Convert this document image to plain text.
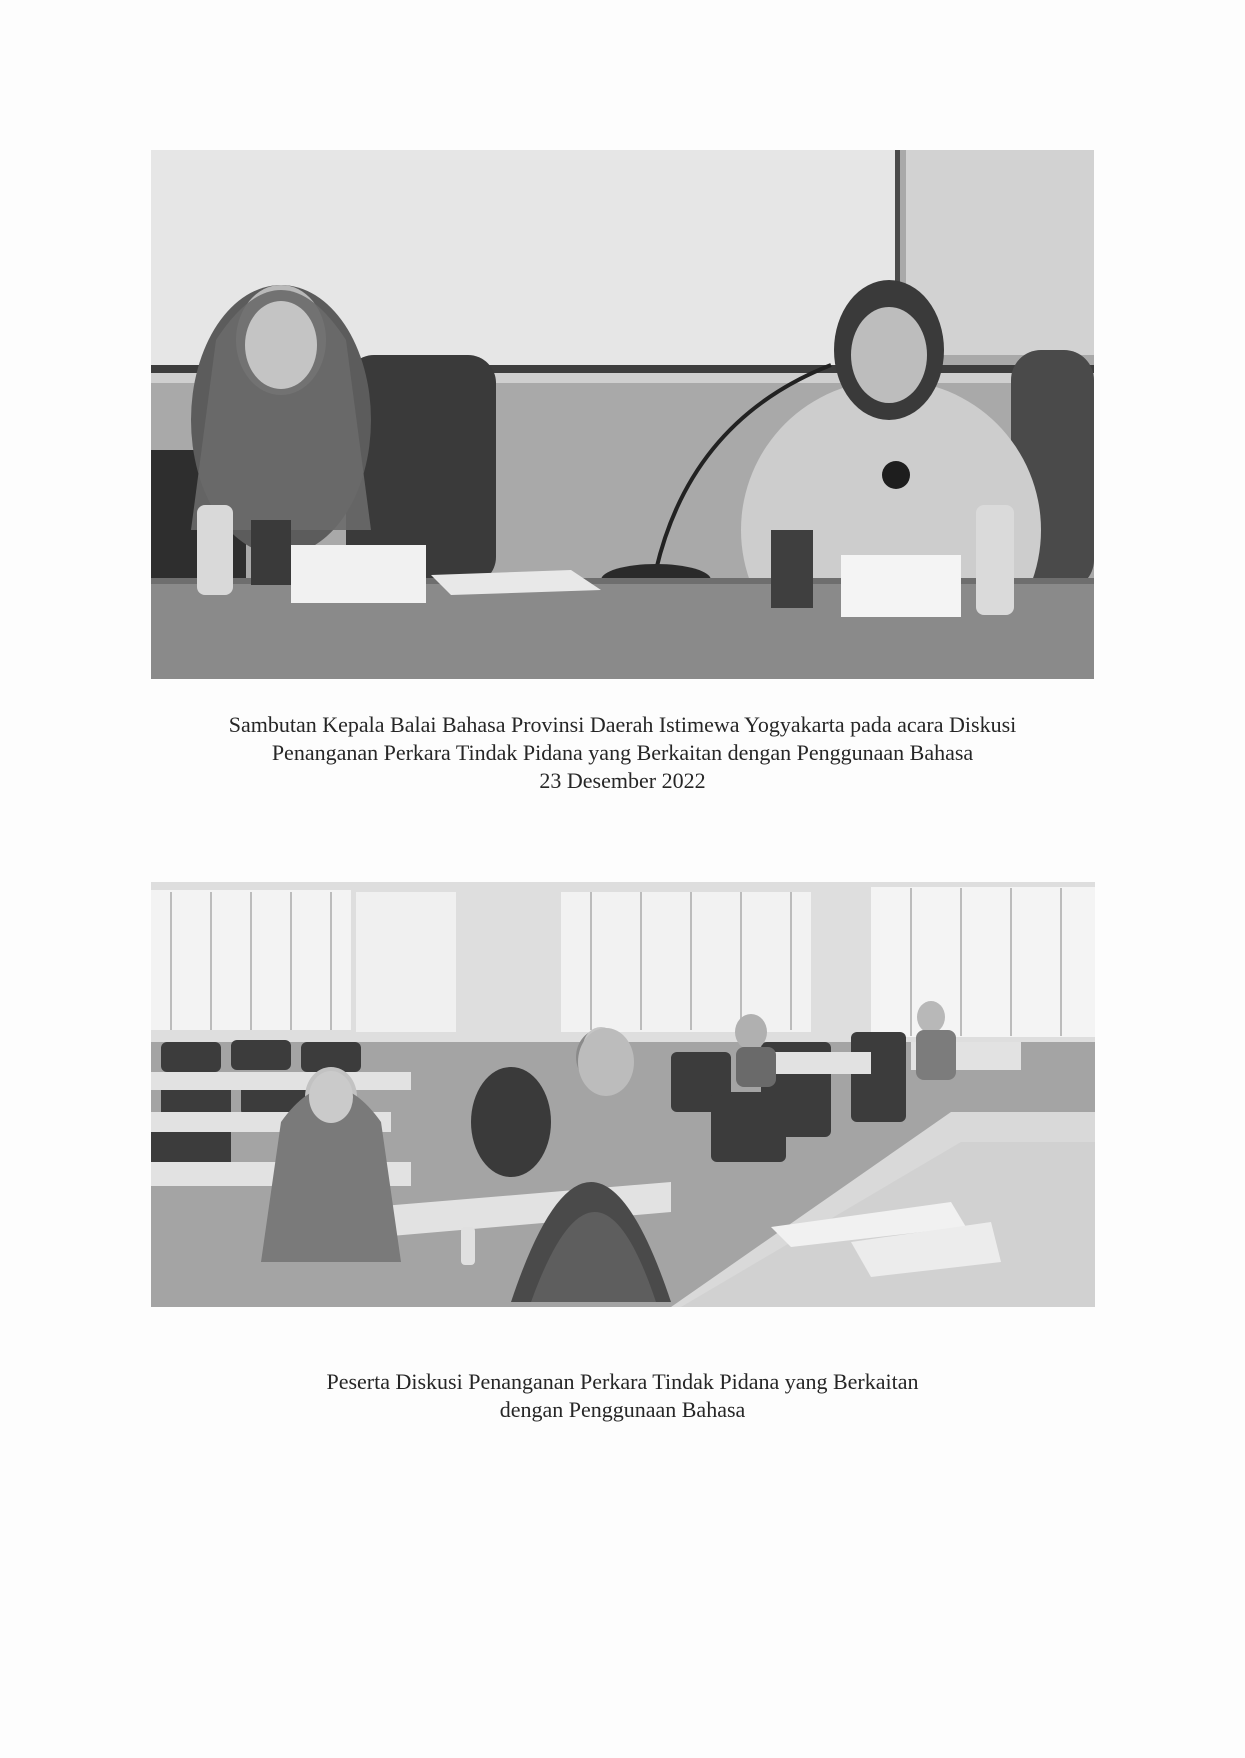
Sambutan Kepala Balai Bahasa Provinsi Daerah Istimewa Yogyakarta pada acara Diskusi
Penanganan Perkara Tindak Pidana yang Berkaitan dengan Penggunaan Bahasa
23 Desember 2022
Peserta Diskusi Penanganan Perkara Tindak Pidana yang Berkaitan
dengan Penggunaan Bahasa
